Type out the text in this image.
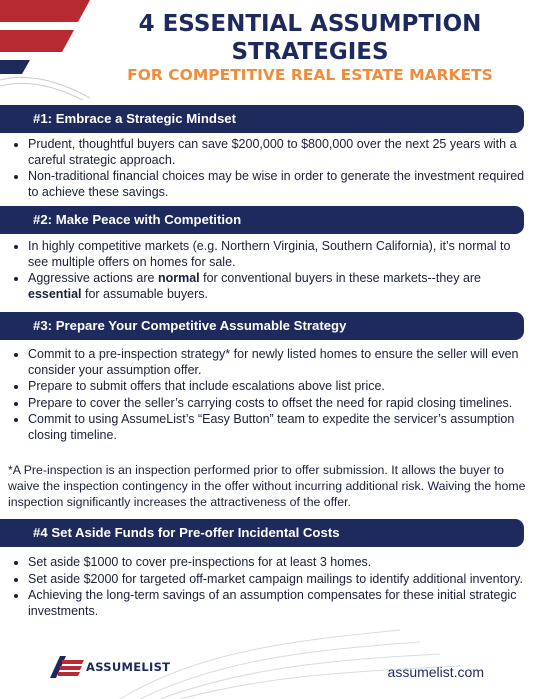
4 ESSENTIAL ASSUMPTION
STRATEGIES
FOR COMPETITIVE REAL ESTATE MARKETS
#1: Embrace a Strategic Mindset
• Prudent, thoughtful buyers can save $200,000 to $800,000 over the next 25 years with a careful strategic approach.
• Non-traditional financial choices may be wise in order to generate the investment required to achieve these savings.
#2: Make Peace with Competition
• In highly competitive markets (e.g. Northern Virginia, Southern California), it’s normal to see multiple offers on homes for sale.
• Aggressive actions are normal for conventional buyers in these markets--they are essential for assumable buyers.
#3: Prepare Your Competitive Assumable Strategy
• Commit to a pre-inspection strategy* for newly listed homes to ensure the seller will even consider your assumption offer.
• Prepare to submit offers that include escalations above list price.
• Prepare to cover the seller’s carrying costs to offset the need for rapid closing timelines.
• Commit to using AssumeList’s “Easy Button” team to expedite the servicer’s assumption closing timeline.
*A Pre-inspection is an inspection performed prior to offer submission. It allows the buyer to waive the inspection contingency in the offer without incurring additional risk. Waiving the home inspection significantly increases the attractiveness of the offer.
#4 Set Aside Funds for Pre-offer Incidental Costs
• Set aside $1000 to cover pre-inspections for at least 3 homes.
• Set aside $2000 for targeted off-market campaign mailings to identify additional inventory.
• Achieving the long-term savings of an assumption compensates for these initial strategic investments.
ASSUMELIST	assumelist.com
